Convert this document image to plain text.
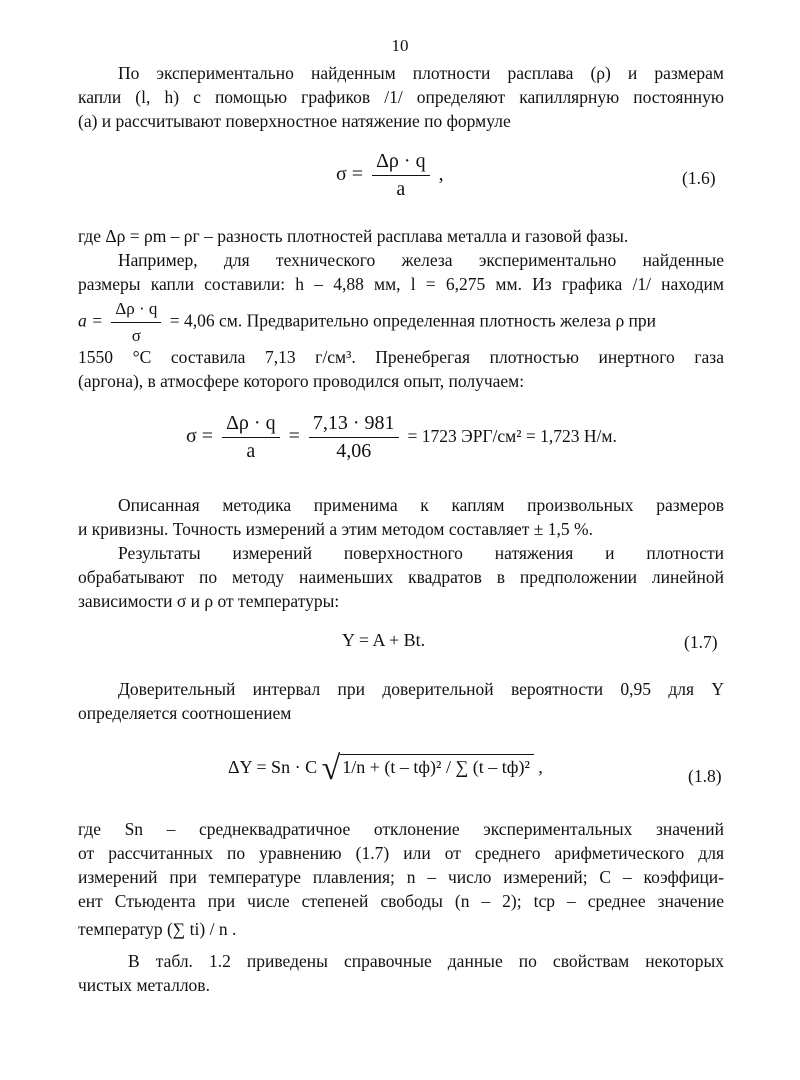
10
По экспериментально найденным плотности расплава (ρ) и размерам
капли (l, h) с помощью графиков /1/ определяют капиллярную постоянную
(a) и рассчитывают поверхностное натяжение по формуле
$\sigma = \frac{\Delta\rho \cdot q}{a}$ ,	(1.6)
где Δρ = ρm – ρг – разность плотностей расплава металла и газовой фазы.
Например, для технического железа экспериментально найденные
размеры капли составили: h – 4,88 мм, l = 6,275 мм. Из графика /1/ находим
$a = \frac{\Delta\rho \cdot q}{\sigma} = 4,06$ см. Предварительно определенная плотность железа ρ при
1550 °С составила 7,13 г/см³. Пренебрегая плотностью инертного газа
(аргона), в атмосфере которого проводился опыт, получаем:
$\sigma = \frac{\Delta\rho \cdot q}{a} = \frac{7,13 \cdot 981}{4,06} = 1723$ ЭРГ/см² = 1,723 Н/м.
Описанная методика применима к каплям произвольных размеров
и кривизны. Точность измерений a этим методом составляет ± 1,5 %.
Результаты измерений поверхностного натяжения и плотности
обрабатывают по методу наименьших квадратов в предположении линейной
зависимости σ и ρ от температуры:
Y = A + Bt.	(1.7)
Доверительный интервал при доверительной вероятности 0,95 для Y
определяется соотношением
ΔY = Sn · C √ 1/n + (t – tф)² / ∑ (t – tф)² ,	(1.8)
где Sn – среднеквадратичное отклонение экспериментальных значений
от рассчитанных по уравнению (1.7) или от среднего арифметического для
измерений при температуре плавления; n – число измерений; С – коэффици-
ент Стьюдента при числе степеней свободы (n – 2); tср – среднее значение
температур (∑ ti) / n .
В табл. 1.2 приведены справочные данные по свойствам некоторых
чистых металлов.
